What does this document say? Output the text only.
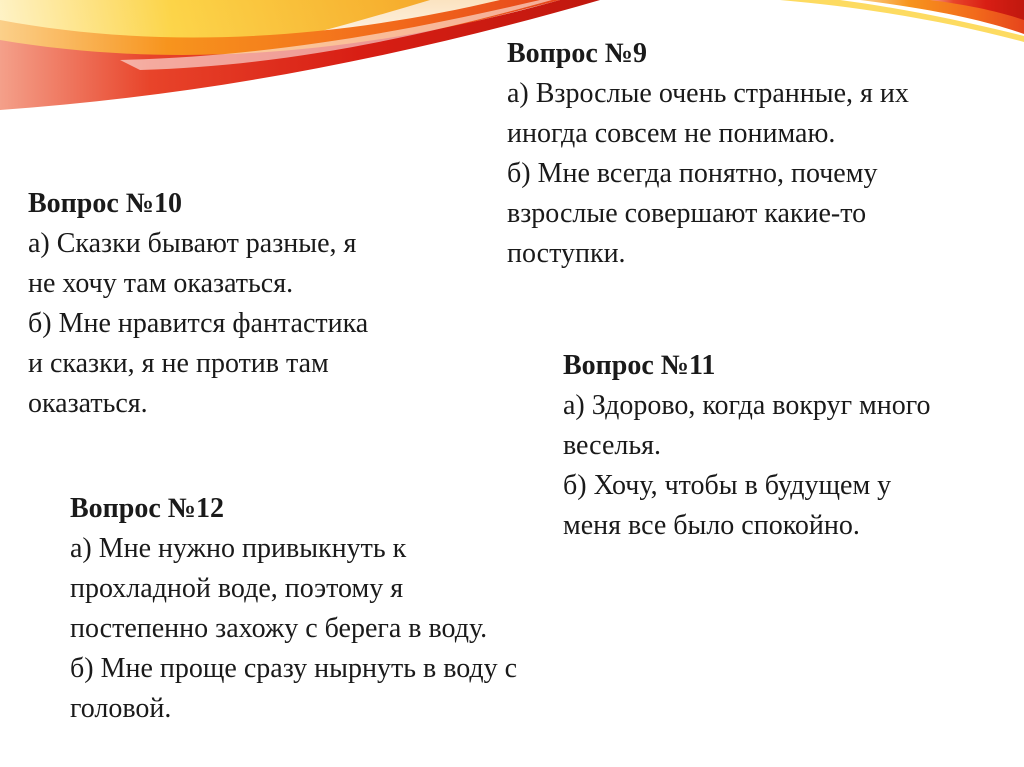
Вопрос №9
а) Взрослые очень странные, я их
иногда совсем не понимаю.
б) Мне всегда понятно, почему
взрослые совершают какие-то
поступки.
Вопрос №10
а) Сказки бывают разные, я
не хочу там оказаться.
б) Мне нравится фантастика
и сказки, я не против там
оказаться.
Вопрос №11
а) Здорово, когда вокруг много
веселья.
б) Хочу, чтобы в будущем у
меня все было спокойно.
Вопрос №12
а) Мне нужно привыкнуть к
прохладной воде, поэтому я
постепенно захожу с берега в воду.
б) Мне проще сразу нырнуть в воду с
головой.
